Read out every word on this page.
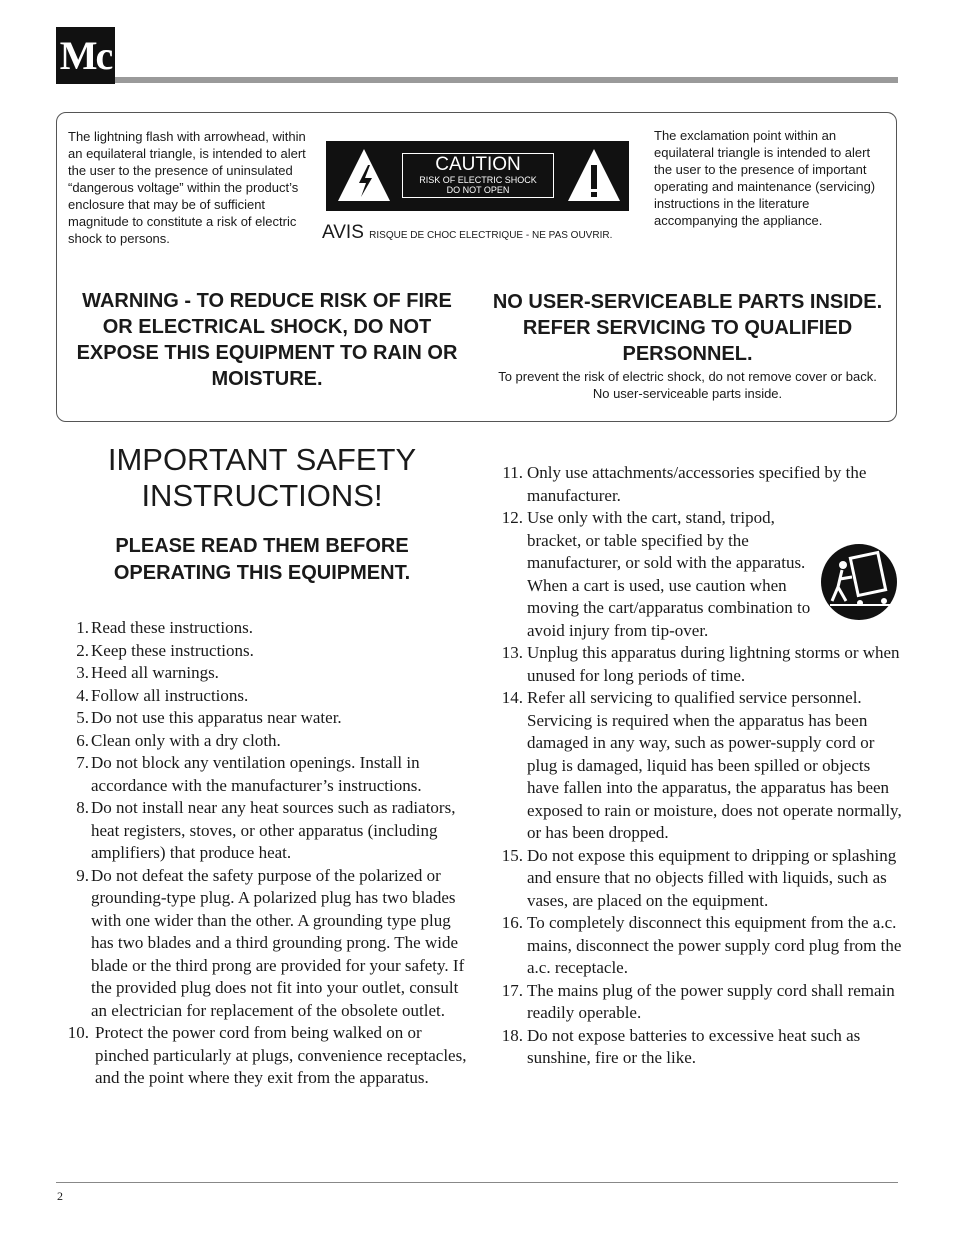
Mc
The lightning flash with arrowhead, within an equilateral triangle, is intended to alert the user to the presence of uninsulated “dangerous voltage” within the product’s enclosure that may be of sufficient magnitude to constitute a risk of electric shock to persons.
CAUTION
RISK OF ELECTRIC SHOCK
DO NOT OPEN
AVIS RISQUE DE CHOC ELECTRIQUE - NE PAS OUVRIR.
The exclamation point within an equilateral triangle is intended to alert the user to the presence of important operating and maintenance (servicing) instructions in the literature accompanying the appliance.
WARNING - TO REDUCE RISK OF FIRE OR ELECTRICAL SHOCK, DO NOT EXPOSE THIS EQUIPMENT TO RAIN OR MOISTURE.
NO USER-SERVICEABLE PARTS INSIDE. REFER SERVICING TO QUALIFIED PERSONNEL.
To prevent the risk of electric shock, do not remove cover or back. No user-serviceable parts inside.
IMPORTANT SAFETY INSTRUCTIONS!
PLEASE READ THEM BEFORE OPERATING THIS EQUIPMENT.
1. Read these instructions.
2. Keep these instructions.
3. Heed all warnings.
4. Follow all instructions.
5. Do not use this apparatus near water.
6. Clean only with a dry cloth.
7. Do not block any ventilation openings. Install in accordance with the manufacturer’s instructions.
8. Do not install near any heat sources such as radiators, heat registers, stoves, or other apparatus (including amplifiers) that produce heat.
9. Do not defeat the safety purpose of the polarized or grounding-type plug. A polarized plug has two blades with one wider than the other. A grounding type plug has two blades and a third grounding prong. The wide blade or the third prong are provided for your safety. If the provided plug does not fit into your outlet, consult an electrician for replacement of the obsolete outlet.
10. Protect the power cord from being walked on or pinched particularly at plugs, convenience receptacles, and the point where they exit from the apparatus.
11. Only use attachments/accessories specified by the manufacturer.
12. Use only with the cart, stand, tripod, bracket, or table specified by the manufacturer, or sold with the apparatus. When a cart is used, use caution when moving the cart/apparatus combination to avoid injury from tip-over.
13. Unplug this apparatus during lightning storms or when unused for long periods of time.
14. Refer all servicing to qualified service personnel. Servicing is required when the apparatus has been damaged in any way, such as power-supply cord or plug is damaged, liquid has been spilled or objects have fallen into the apparatus, the apparatus has been exposed to rain or moisture, does not operate normally, or has been dropped.
15. Do not expose this equipment to dripping or splashing and ensure that no objects filled with liquids, such as vases, are placed on the equipment.
16. To completely disconnect this equipment from the a.c. mains, disconnect the power supply cord plug from the a.c. receptacle.
17. The mains plug of the power supply cord shall remain readily operable.
18. Do not expose batteries to excessive heat such as sunshine, fire or the like.
2
